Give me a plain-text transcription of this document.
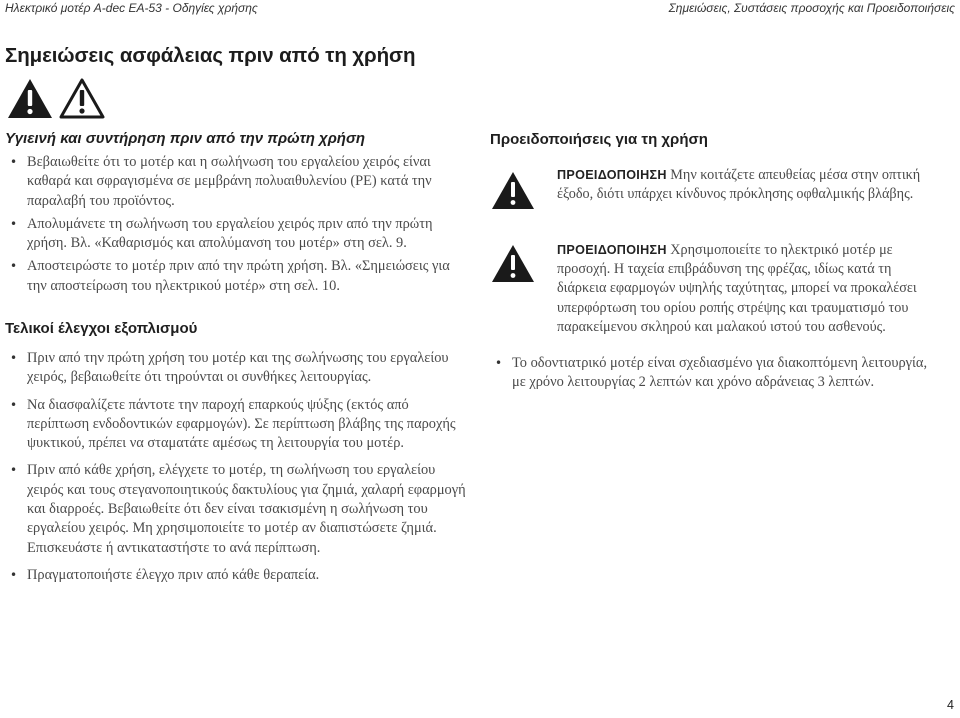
Ηλεκτρικό μοτέρ A-dec EA-53 - Οδηγίες χρήσης	Σημειώσεις, Συστάσεις προσοχής και Προειδοποιήσεις
Σημειώσεις ασφάλειας πριν από τη χρήση

Υγιεινή και συντήρηση πριν από την πρώτη χρήση
• Βεβαιωθείτε ότι το μοτέρ και η σωλήνωση του εργαλείου χειρός είναι καθαρά και σφραγισμένα σε μεμβράνη πολυαιθυλενίου (PE) κατά την παραλαβή του προϊόντος.
• Απολυμάνετε τη σωλήνωση του εργαλείου χειρός πριν από την πρώτη χρήση. Βλ. «Καθαρισμός και απολύμανση του μοτέρ» στη σελ. 9.
• Αποστειρώστε το μοτέρ πριν από την πρώτη χρήση. Βλ. «Σημειώσεις για την αποστείρωση του ηλεκτρικού μοτέρ» στη σελ. 10.
Τελικοί έλεγχοι εξοπλισμού
• Πριν από την πρώτη χρήση του μοτέρ και της σωλήνωσης του εργαλείου χειρός, βεβαιωθείτε ότι τηρούνται οι συνθήκες λειτουργίας.
• Να διασφαλίζετε πάντοτε την παροχή επαρκούς ψύξης (εκτός από περίπτωση ενδοδοντικών εφαρμογών). Σε περίπτωση βλάβης της παροχής ψυκτικού, πρέπει να σταματάτε αμέσως τη λειτουργία του μοτέρ.
• Πριν από κάθε χρήση, ελέγχετε το μοτέρ, τη σωλήνωση του εργαλείου χειρός και τους στεγανοποιητικούς δακτυλίους για ζημιά, χαλαρή εφαρμογή και διαρροές. Βεβαιωθείτε ότι δεν είναι τσακισμένη η σωλήνωση του εργαλείου χειρός. Μη χρησιμοποιείτε το μοτέρ αν διαπιστώσετε ζημιά. Επισκευάστε ή αντικαταστήστε το ανά περίπτωση.
• Πραγματοποιήστε έλεγχο πριν από κάθε θεραπεία.
Προειδοποιήσεις για τη χρήση
ΠΡΟΕΙΔΟΠΟΙΗΣΗ Μην κοιτάζετε απευθείας μέσα στην οπτική έξοδο, διότι υπάρχει κίνδυνος πρόκλησης οφθαλμικής βλάβης.
ΠΡΟΕΙΔΟΠΟΙΗΣΗ Χρησιμοποιείτε το ηλεκτρικό μοτέρ με προσοχή. Η ταχεία επιβράδυνση της φρέζας, ιδίως κατά τη διάρκεια εφαρμογών υψηλής ταχύτητας, μπορεί να προκαλέσει υπερφόρτωση του ορίου ροπής στρέψης και τραυματισμό του παρακείμενου σκληρού και μαλακού ιστού του ασθενούς.
• Το οδοντιατρικό μοτέρ είναι σχεδιασμένο για διακοπτόμενη λειτουργία, με χρόνο λειτουργίας 2 λεπτών και χρόνο αδράνειας 3 λεπτών.
4
